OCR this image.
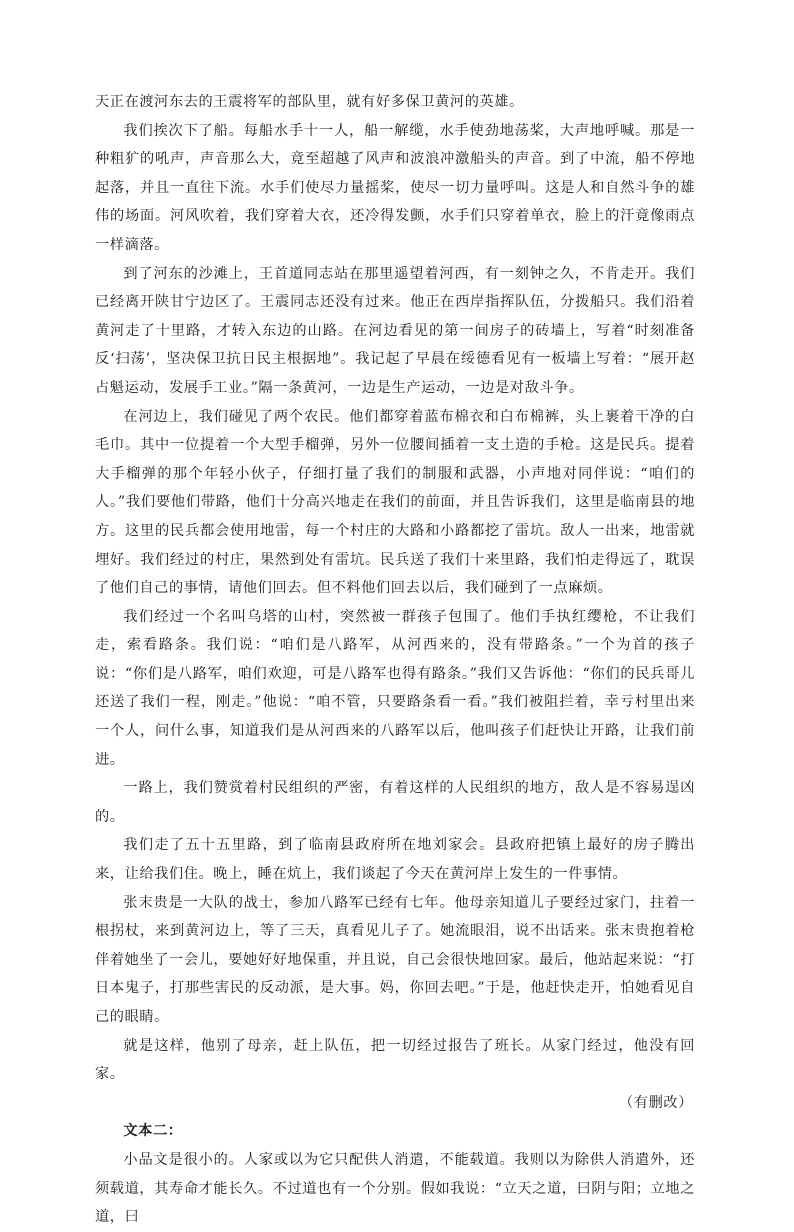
天正在渡河东去的王震将军的部队里，就有好多保卫黄河的英雄。

我们挨次下了船。每船水手十一人，船一解缆，水手使劲地荡桨，大声地呼喊。那是一种粗犷的吼声，声音那么大，竟至超越了风声和波浪冲激船头的声音。到了中流，船不停地起落，并且一直往下流。水手们使尽力量摇桨，使尽一切力量呼叫。这是人和自然斗争的雄伟的场面。河风吹着，我们穿着大衣，还冷得发颤，水手们只穿着单衣，脸上的汗竟像雨点一样滴落。

到了河东的沙滩上，王首道同志站在那里遥望着河西，有一刻钟之久，不肯走开。我们已经离开陕甘宁边区了。王震同志还没有过来。他正在西岸指挥队伍，分拨船只。我们沿着黄河走了十里路，才转入东边的山路。在河边看见的第一间房子的砖墙上，写着“时刻准备反‘扫荡’，坚决保卫抗日民主根据地”。我记起了早晨在绥德看见有一板墙上写着：“展开赵占魁运动，发展手工业。”隔一条黄河，一边是生产运动，一边是对敌斗争。

在河边上，我们碰见了两个农民。他们都穿着蓝布棉衣和白布棉裤，头上裹着干净的白毛巾。其中一位提着一个大型手榴弹，另外一位腰间插着一支土造的手枪。这是民兵。提着大手榴弹的那个年轻小伙子，仔细打量了我们的制服和武器，小声地对同伴说：“咱们的人。”我们要他们带路，他们十分高兴地走在我们的前面，并且告诉我们，这里是临南县的地方。这里的民兵都会使用地雷，每一个村庄的大路和小路都挖了雷坑。敌人一出来，地雷就埋好。我们经过的村庄，果然到处有雷坑。民兵送了我们十来里路，我们怕走得远了，耽误了他们自己的事情，请他们回去。但不料他们回去以后，我们碰到了一点麻烦。

我们经过一个名叫乌塔的山村，突然被一群孩子包围了。他们手执红缨枪，不让我们走，索看路条。我们说：“咱们是八路军，从河西来的，没有带路条。”一个为首的孩子说：“你们是八路军，咱们欢迎，可是八路军也得有路条。”我们又告诉他：“你们的民兵哥儿还送了我们一程，刚走。”他说：“咱不管，只要路条看一看。”我们被阻拦着，幸亏村里出来一个人，问什么事，知道我们是从河西来的八路军以后，他叫孩子们赶快让开路，让我们前进。

一路上，我们赞赏着村民组织的严密，有着这样的人民组织的地方，敌人是不容易逞凶的。

我们走了五十五里路，到了临南县政府所在地刘家会。县政府把镇上最好的房子腾出来，让给我们住。晚上，睡在炕上，我们谈起了今天在黄河岸上发生的一件事情。

张末贵是一大队的战士，参加八路军已经有七年。他母亲知道儿子要经过家门，拄着一根拐杖，来到黄河边上，等了三天，真看见儿子了。她流眼泪，说不出话来。张末贵抱着枪伴着她坐了一会儿，要她好好地保重，并且说，自己会很快地回家。最后，他站起来说：“打日本鬼子，打那些害民的反动派，是大事。妈，你回去吧。”于是，他赶快走开，怕她看见自己的眼睛。

就是这样，他别了母亲，赶上队伍，把一切经过报告了班长。从家门经过，他没有回家。

（有删改）

文本二：

小品文是很小的。人家或以为它只配供人消遣，不能载道。我则以为除供人消遣外，还须载道，其寿命才能长久。不过道也有一个分别。假如我说：“立天之道，曰阴与阳；立地之道，曰
